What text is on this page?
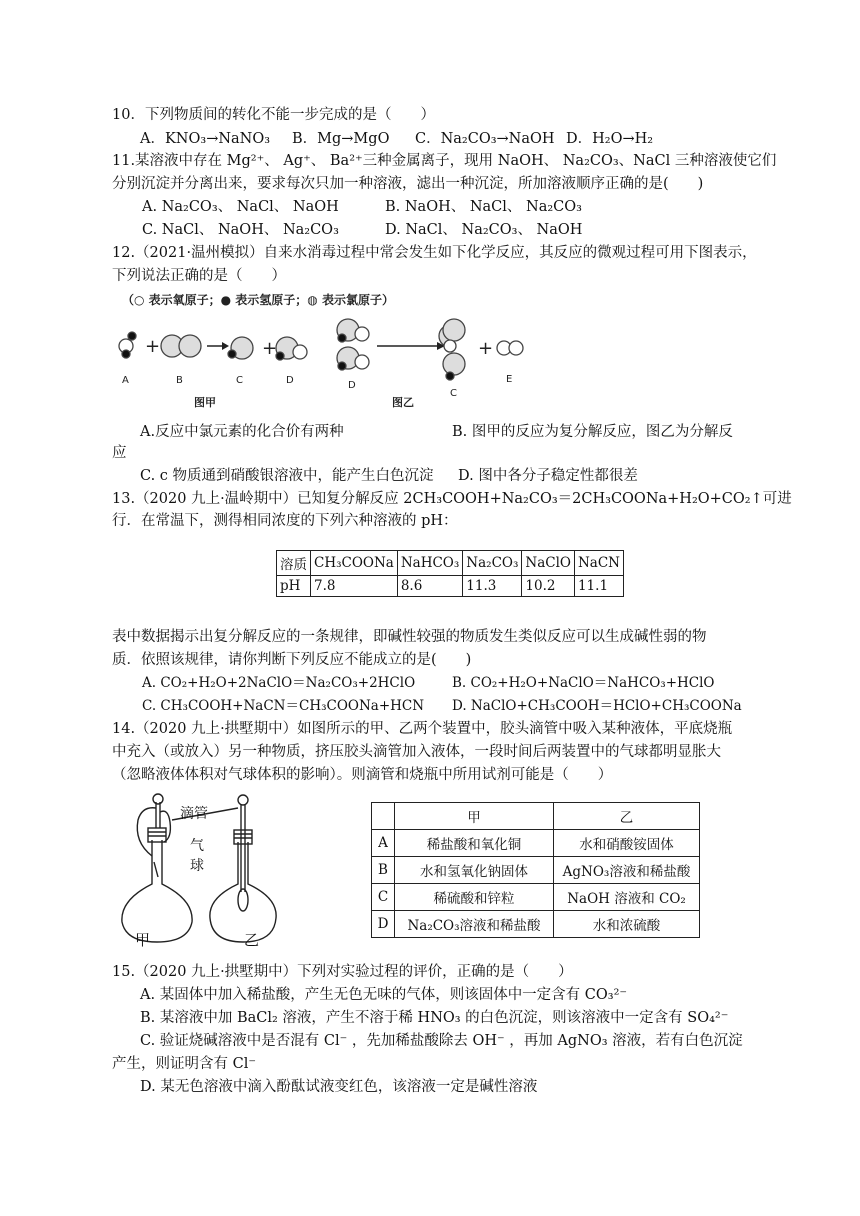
10．下列物质间的转化不能一步完成的是（　　）
A．KNO₃→NaNO₃ B．Mg→MgO C．Na₂CO₃→NaOH D．H₂O→H₂
11.某溶液中存在 Mg²⁺、 Ag⁺、 Ba²⁺三种金属离子，现用 NaOH、 Na₂CO₃、NaCl 三种溶液使它们
分别沉淀并分离出来，要求每次只加一种溶液，滤出一种沉淀，所加溶液顺序正确的是(　　)
A. Na₂CO₃、 NaCl、 NaOH	B. NaOH、 NaCl、 Na₂CO₃
C. NaCl、 NaOH、 Na₂CO₃	D. NaCl、 Na₂CO₃、 NaOH
12.（2021·温州模拟）自来水消毒过程中常会发生如下化学反应，其反应的微观过程可用下图表示，
下列说法正确的是（　　）
（○ 表示氧原子；● 表示氢原子；◍ 表示氯原子）
+	+
A	B	C	D	D
图甲	图乙
+
C
E
A.反应中氯元素的化合价有两种	B. 图甲的反应为复分解反应，图乙为分解反
应
C. c 物质通到硝酸银溶液中，能产生白色沉淀 D. 图中各分子稳定性都很差
13.（2020 九上·温岭期中）已知复分解反应 2CH₃COOH+Na₂CO₃＝2CH₃COONa+H₂O+CO₂↑可进
行．在常温下，测得相同浓度的下列六种溶液的 pH：
溶质	CH₃COONa	NaHCO₃	Na₂CO₃	NaClO	NaCN
pH	7.8	8.6	11.3	10.2	11.1
表中数据揭示出复分解反应的一条规律，即碱性较强的物质发生类似反应可以生成碱性弱的物
质．依照该规律，请你判断下列反应不能成立的是(　　)
A. CO₂+H₂O+2NaClO＝Na₂CO₃+2HClO	B. CO₂+H₂O+NaClO＝NaHCO₃+HClO
C. CH₃COOH+NaCN＝CH₃COONa+HCN D. NaClO+CH₃COOH＝HClO+CH₃COONa
14.（2020 九上·拱墅期中）如图所示的甲、乙两个装置中，胶头滴管中吸入某种液体，平底烧瓶
中充入（或放入）另一种物质，挤压胶头滴管加入液体，一段时间后两装置中的气球都明显胀大
（忽略液体体积对气球体积的影响）。则滴管和烧瓶中所用试剂可能是（　　）
滴管
气
球
甲	乙
	甲	乙
A	稀盐酸和氧化铜	水和硝酸铵固体
B	水和氢氧化钠固体	AgNO₃溶液和稀盐酸
C	稀硫酸和锌粒	NaOH 溶液和 CO₂
D	Na₂CO₃溶液和稀盐酸	水和浓硫酸
15.（2020 九上·拱墅期中）下列对实验过程的评价，正确的是（　　）
A. 某固体中加入稀盐酸，产生无色无味的气体，则该固体中一定含有 CO₃²⁻
B. 某溶液中加 BaCl₂ 溶液，产生不溶于稀 HNO₃ 的白色沉淀，则该溶液中一定含有 SO₄²⁻
C. 验证烧碱溶液中是否混有 Cl⁻ ，先加稀盐酸除去 OH⁻ ，再加 AgNO₃ 溶液，若有白色沉淀
产生，则证明含有 Cl⁻
D. 某无色溶液中滴入酚酞试液变红色，该溶液一定是碱性溶液
